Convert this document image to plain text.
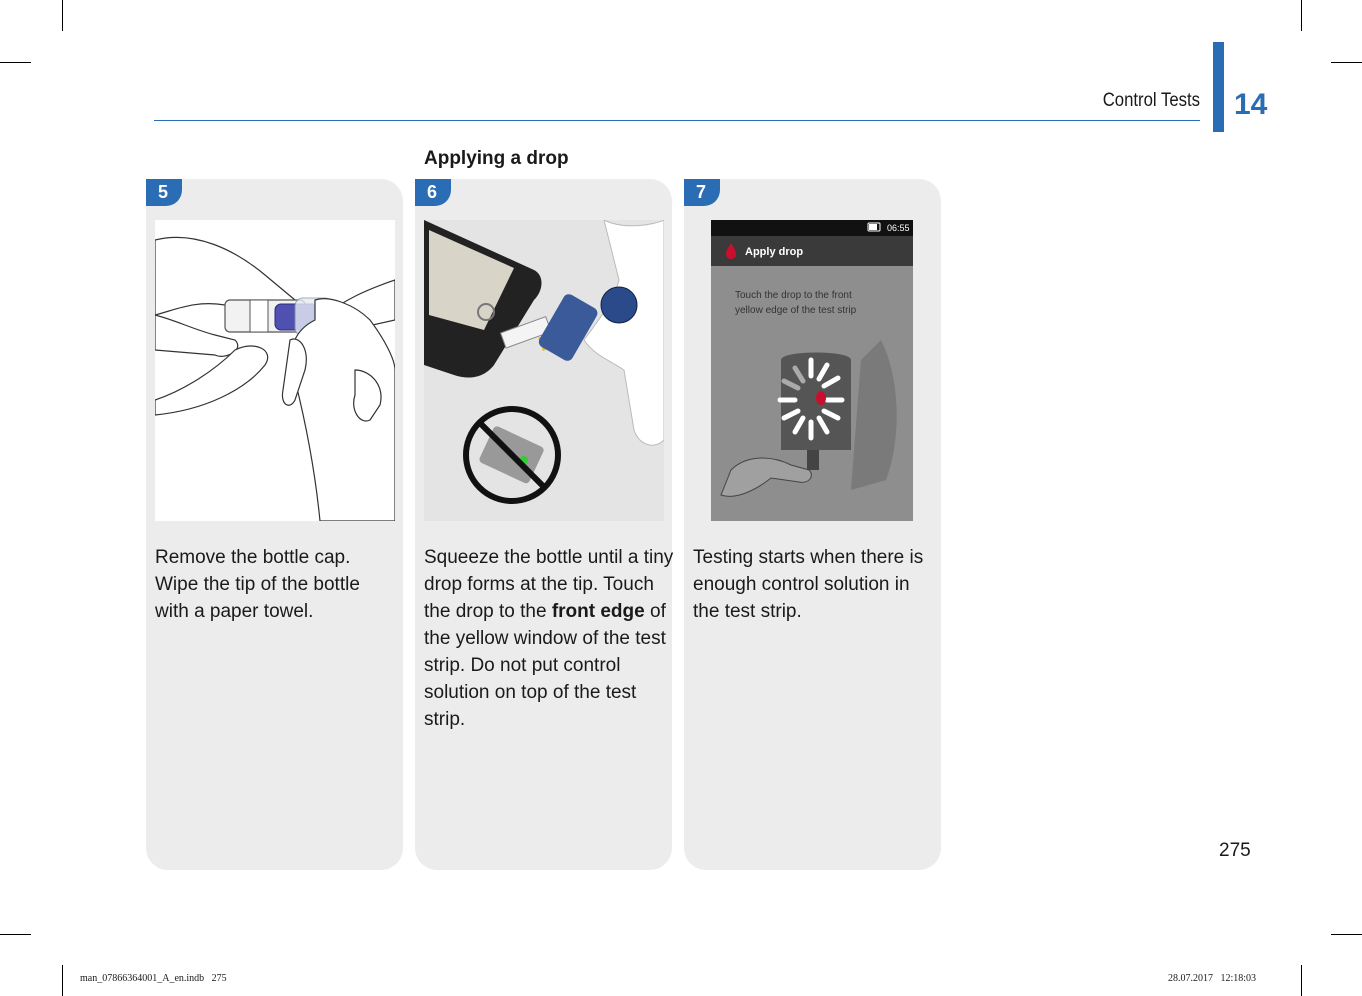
Control Tests 14
Applying a drop
5	6	7
06:55
Apply drop
Touch the drop to the front
yellow edge of the test strip
Remove the bottle cap. Wipe the tip of the bottle with a paper towel.
Squeeze the bottle until a tiny drop forms at the tip. Touch the drop to the front edge of the yellow window of the test strip. Do not put control solution on top of the test strip.
Testing starts when there is enough control solution in the test strip.
275
man_07866364001_A_en.indb   275	28.07.2017   12:18:03
